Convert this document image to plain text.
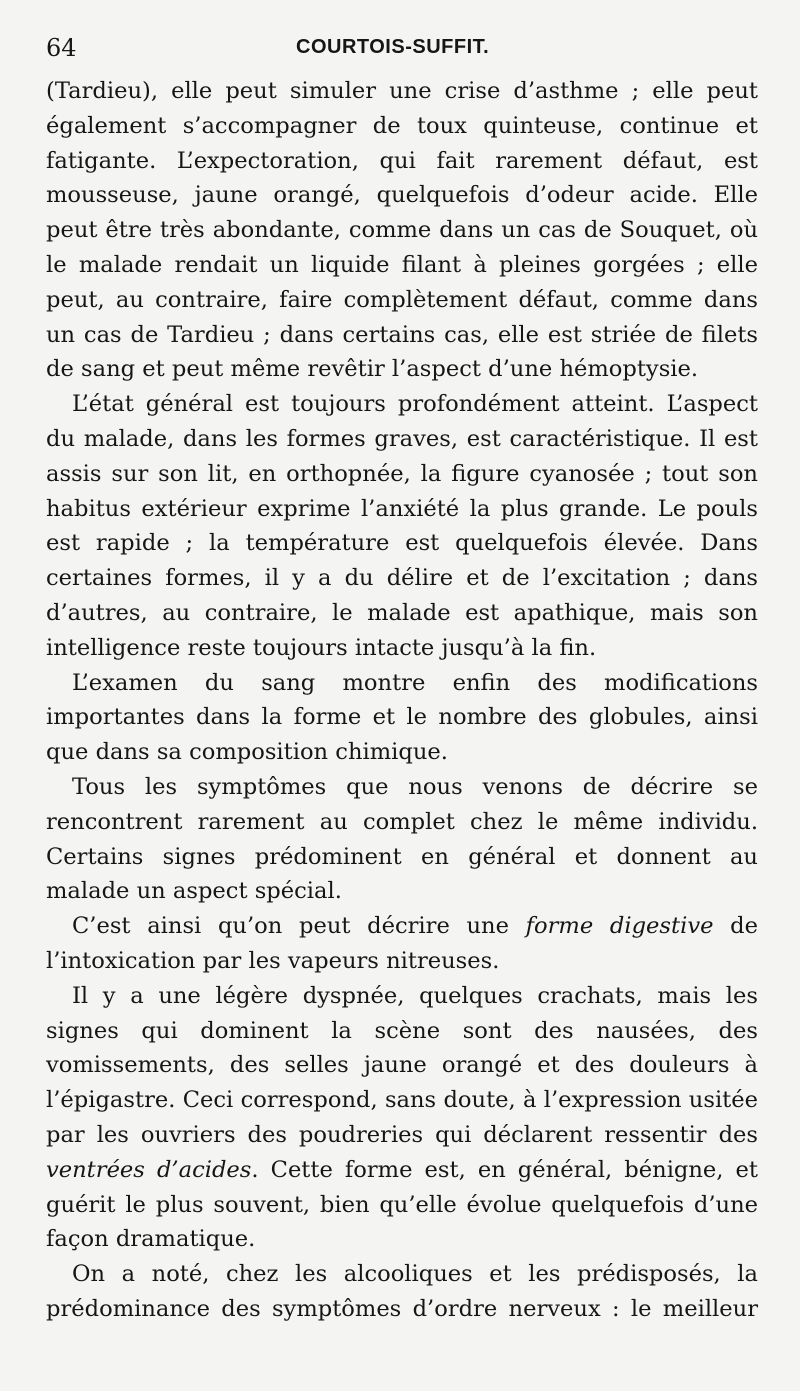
64	COURTOIS-SUFFIT.

(Tardieu), elle peut simuler une crise d’asthme ; elle peut également s’accompagner de toux quinteuse, continue et fatigante. L’expectoration, qui fait rarement défaut, est mousseuse, jaune orangé, quelquefois d’odeur acide. Elle peut être très abondante, comme dans un cas de Souquet, où le malade rendait un liquide filant à pleines gorgées ; elle peut, au contraire, faire complètement défaut, comme dans un cas de Tardieu ; dans certains cas, elle est striée de filets de sang et peut même revêtir l’aspect d’une hémoptysie.

L’état général est toujours profondément atteint. L’aspect du malade, dans les formes graves, est caractéristique. Il est assis sur son lit, en orthopnée, la figure cyanosée ; tout son habitus extérieur exprime l’anxiété la plus grande. Le pouls est rapide ; la température est quelquefois élevée. Dans certaines formes, il y a du délire et de l’excitation ; dans d’autres, au contraire, le malade est apathique, mais son intelligence reste toujours intacte jusqu’à la fin.

L’examen du sang montre enfin des modifications importantes dans la forme et le nombre des globules, ainsi que dans sa composition chimique.

Tous les symptômes que nous venons de décrire se rencontrent rarement au complet chez le même individu. Certains signes prédominent en général et donnent au malade un aspect spécial.

C’est ainsi qu’on peut décrire une forme digestive de l’intoxication par les vapeurs nitreuses.

Il y a une légère dyspnée, quelques crachats, mais les signes qui dominent la scène sont des nausées, des vomissements, des selles jaune orangé et des douleurs à l’épigastre. Ceci correspond, sans doute, à l’expression usitée par les ouvriers des poudreries qui déclarent ressentir des ventrées d’acides. Cette forme est, en général, bénigne, et guérit le plus souvent, bien qu’elle évolue quelquefois d’une façon dramatique.

On a noté, chez les alcooliques et les prédisposés, la prédominance des symptômes d’ordre nerveux : le meilleur
